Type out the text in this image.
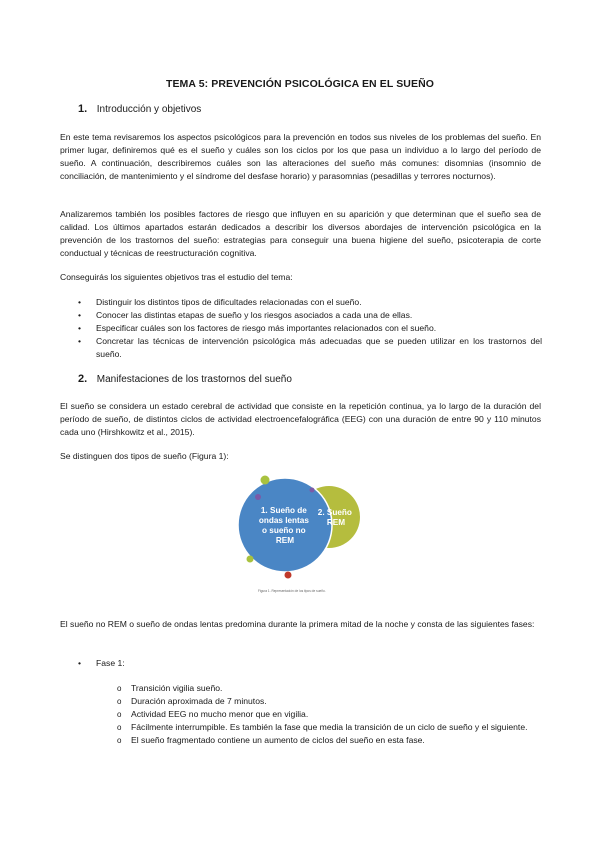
TEMA 5: PREVENCIÓN PSICOLÓGICA EN EL SUEÑO
1. Introducción y objetivos
En este tema revisaremos los aspectos psicológicos para la prevención en todos sus niveles de los problemas del sueño. En primer lugar, definiremos qué es el sueño y cuáles son los ciclos por los que pasa un individuo a lo largo del período de sueño. A continuación, describiremos cuáles son las alteraciones del sueño más comunes: disomnias (insomnio de conciliación, de mantenimiento y el síndrome del desfase horario) y parasomnias (pesadillas y terrores nocturnos).
Analizaremos también los posibles factores de riesgo que influyen en su aparición y que determinan que el sueño sea de calidad. Los últimos apartados estarán dedicados a describir los diversos abordajes de intervención psicológica en la prevención de los trastornos del sueño: estrategias para conseguir una buena higiene del sueño, psicoterapia de corte conductual y técnicas de reestructuración cognitiva.
Conseguirás los siguientes objetivos tras el estudio del tema:
• Distinguir los distintos tipos de dificultades relacionadas con el sueño.
• Conocer las distintas etapas de sueño y los riesgos asociados a cada una de ellas.
• Especificar cuáles son los factores de riesgo más importantes relacionados con el sueño.
• Concretar las técnicas de intervención psicológica más adecuadas que se pueden utilizar en los trastornos del sueño.
2. Manifestaciones de los trastornos del sueño
El sueño se considera un estado cerebral de actividad que consiste en la repetición continua, ya lo largo de la duración del período de sueño, de distintos ciclos de actividad electroencefalográfica (EEG) con una duración de entre 90 y 110 minutos cada uno (Hirshkowitz et al., 2015).
Se distinguen dos tipos de sueño (Figura 1):
1. Sueño de ondas lentas o sueño no REM
2. Sueño REM
Figura 1. Representación de los tipos de sueño.
El sueño no REM o sueño de ondas lentas predomina durante la primera mitad de la noche y consta de las siguientes fases:
• Fase 1:
o Transición vigilia sueño.
o Duración aproximada de 7 minutos.
o Actividad EEG no mucho menor que en vigilia.
o Fácilmente interrumpible. Es también la fase que media la transición de un ciclo de sueño y el siguiente.
o El sueño fragmentado contiene un aumento de ciclos del sueño en esta fase.
